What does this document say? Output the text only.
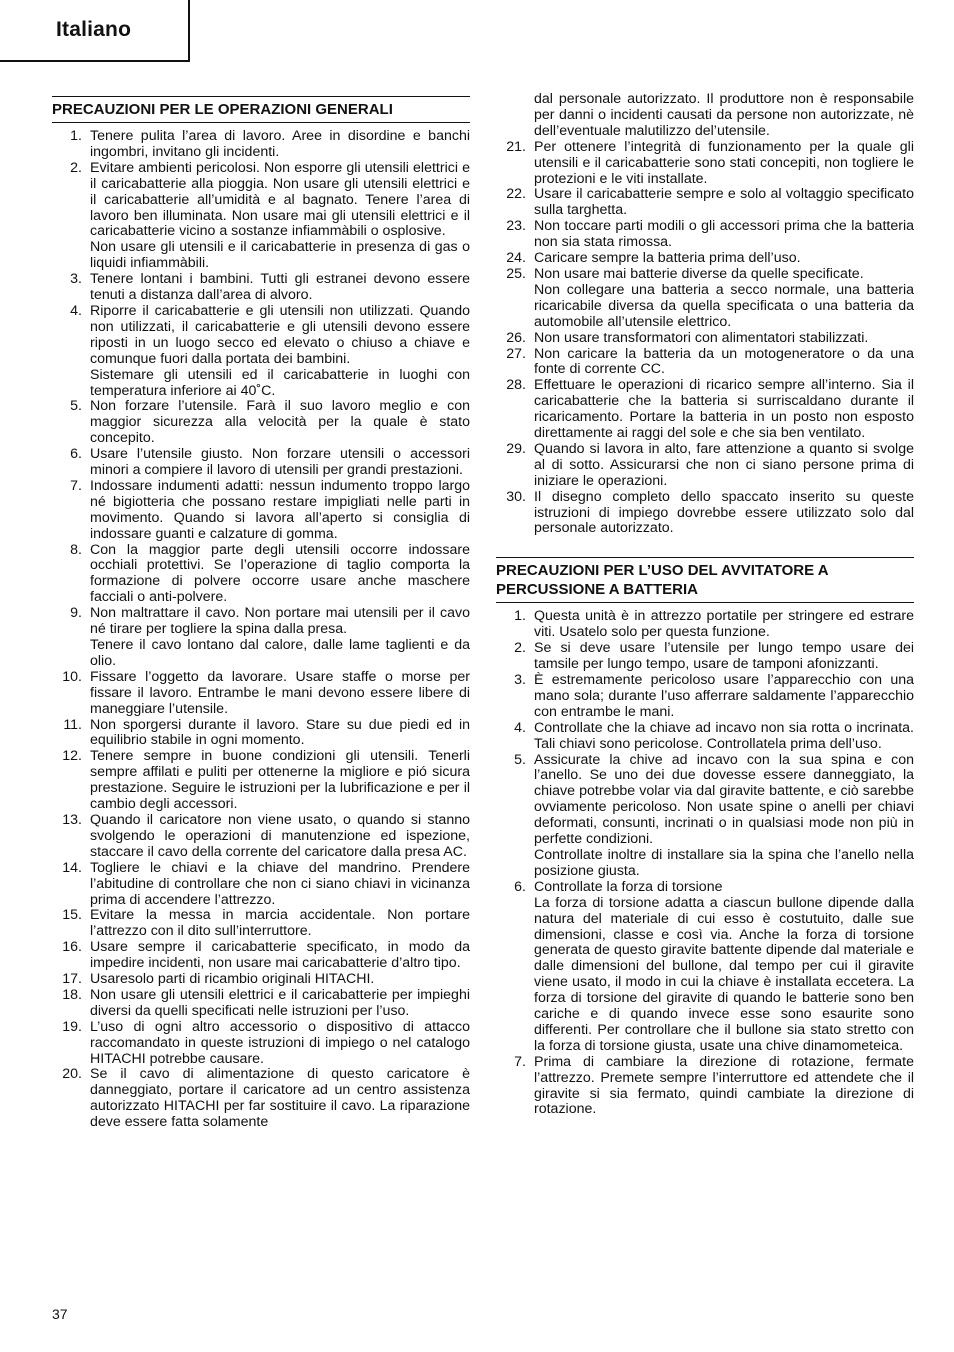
Italiano
PRECAUZIONI PER LE OPERAZIONI GENERALI
1. Tenere pulita l’area di lavoro. Aree in disordine e banchi ingombri, invitano gli incidenti.

2. Evitare ambienti pericolosi. Non esporre gli utensili elettrici e il caricabatterie alla pioggia. Non usare gli utensili elettrici e il caricabatterie all’umidità e al bagnato. Tenere l’area di lavoro ben illuminata. Non usare mai gli utensili elettrici e il caricabatterie vicino a sostanze infiammàbili o osplosive.

Non usare gli utensili e il caricabatterie in presenza di gas o liquidi infiammàbili.

3. Tenere lontani i bambini. Tutti gli estranei devono essere tenuti a distanza dall’area di alvoro.

4. Riporre il caricabatterie e gli utensili non utilizzati. Quando non utilizzati, il caricabatterie e gli utensili devono essere riposti in un luogo secco ed elevato o chiuso a chiave e comunque fuori dalla portata dei bambini.

Sistemare gli utensili ed il caricabatterie in luoghi con temperatura inferiore ai 40˚C.

5. Non forzare l’utensile. Farà il suo lavoro meglio e con maggior sicurezza alla velocità per la quale è stato concepito.

6. Usare l’utensile giusto. Non forzare utensili o accessori minori a compiere il lavoro di utensili per grandi prestazioni.

7. Indossare indumenti adatti: nessun indumento troppo largo né bigiotteria che possano restare impigliati nelle parti in movimento. Quando si lavora all’aperto si consiglia di indossare guanti e calzature di gomma.

8. Con la maggior parte degli utensili occorre indossare occhiali protettivi. Se l’operazione di taglio comporta la formazione di polvere occorre usare anche maschere facciali o anti-polvere.

9. Non maltrattare il cavo. Non portare mai utensili per il cavo né tirare per togliere la spina dalla presa.

Tenere il cavo lontano dal calore, dalle lame taglienti e da olio.

10. Fissare l’oggetto da lavorare. Usare staffe o morse per fissare il lavoro. Entrambe le mani devono essere libere di maneggiare l’utensile.

11. Non sporgersi durante il lavoro. Stare su due piedi ed in equilibrio stabile in ogni momento.

12. Tenere sempre in buone condizioni gli utensili. Tenerli sempre affilati e puliti per ottenerne la migliore e pió sicura prestazione. Seguire le istruzioni per la lubrificazione e per il cambio degli accessori.

13. Quando il caricatore non viene usato, o quando si stanno svolgendo le operazioni di manutenzione ed ispezione, staccare il cavo della corrente del caricatore dalla presa AC.

14. Togliere le chiavi e la chiave del mandrino. Prendere l’abitudine di controllare che non ci siano chiavi in vicinanza prima di accendere l’attrezzo.

15. Evitare la messa in marcia accidentale. Non portare l’attrezzo con il dito sull’interruttore.

16. Usare sempre il caricabatterie specificato, in modo da impedire incidenti, non usare mai caricabatterie d’altro tipo.

17. Usaresolo parti di ricambio originali HITACHI.

18. Non usare gli utensili elettrici e il caricabatterie per impieghi diversi da quelli specificati nelle istruzioni per l’uso.

19. L’uso di ogni altro accessorio o dispositivo di attacco raccomandato in queste istruzioni di impiego o nel catalogo HITACHI potrebbe causare.

20. Se il cavo di alimentazione di questo caricatore è danneggiato, portare il caricatore ad un centro assistenza autorizzato HITACHI per far sostituire il cavo. La riparazione deve essere fatta solamente

dal personale autorizzato. Il produttore non è responsabile per danni o incidenti causati da persone non autorizzate, nè dell’eventuale malutilizzo del’utensile.

21. Per ottenere l’integrità di funzionamento per la quale gli utensili e il caricabatterie sono stati concepiti, non togliere le protezioni e le viti installate.

22. Usare il caricabatterie sempre e solo al voltaggio specificato sulla targhetta.

23. Non toccare parti modili o gli accessori prima che la batteria non sia stata rimossa.

24. Caricare sempre la batteria prima dell’uso.

25. Non usare mai batterie diverse da quelle specificate.

Non collegare una batteria a secco normale, una batteria ricaricabile diversa da quella specificata o una batteria da automobile all’utensile elettrico.

26. Non usare transformatori con alimentatori stabilizzati.

27. Non caricare la batteria da un motogeneratore o da una fonte di corrente CC.

28. Effettuare le operazioni di ricarico sempre all’interno. Sia il caricabatterie che la batteria si surriscaldano durante il ricaricamento. Portare la batteria in un posto non esposto direttamente ai raggi del sole e che sia ben ventilato.

29. Quando si lavora in alto, fare attenzione a quanto si svolge al di sotto. Assicurarsi che non ci siano persone prima di iniziare le operazioni.

30. Il disegno completo dello spaccato inserito su queste istruzioni di impiego dovrebbe essere utilizzato solo dal personale autorizzato.

PRECAUZIONI PER L’USO DEL AVVITATORE A PERCUSSIONE A BATTERIA
1. Questa unità è in attrezzo portatile per stringere ed estrare viti. Usatelo solo per questa funzione.

2. Se si deve usare l’utensile per lungo tempo usare dei tamsile per lungo tempo, usare de tamponi afonizzanti.

3. È estremamente pericoloso usare l’apparecchio con una mano sola; durante l’uso afferrare saldamente l’apparecchio con entrambe le mani.

4. Controllate che la chiave ad incavo non sia rotta o incrinata. Tali chiavi sono pericolose. Controllatela prima dell’uso.

5. Assicurate la chive ad incavo con la sua spina e con l’anello. Se uno dei due dovesse essere danneggiato, la chiave potrebbe volar via dal giravite battente, e ciò sarebbe ovviamente pericoloso. Non usate spine o anelli per chiavi deformati, consunti, incrinati o in qualsiasi mode non più in perfette condizioni.

Controllate inoltre di installare sia la spina che l’anello nella posizione giusta.

6. Controllate la forza di torsione

La forza di torsione adatta a ciascun bullone dipende dalla natura del materiale di cui esso è costutuito, dalle sue dimensioni, classe e così via. Anche la forza di torsione generata de questo giravite battente dipende dal materiale e dalle dimensioni del bullone, dal tempo per cui il giravite viene usato, il modo in cui la chiave è installata eccetera. La forza di torsione del giravite di quando le batterie sono ben cariche e di quando invece esse sono esaurite sono differenti. Per controllare che il bullone sia stato stretto con la forza di torsione giusta, usate una chive dinamometeica.

7. Prima di cambiare la direzione di rotazione, fermate l’attrezzo. Premete sempre l’interruttore ed attendete che il giravite si sia fermato, quindi cambiate la direzione di rotazione.

37
